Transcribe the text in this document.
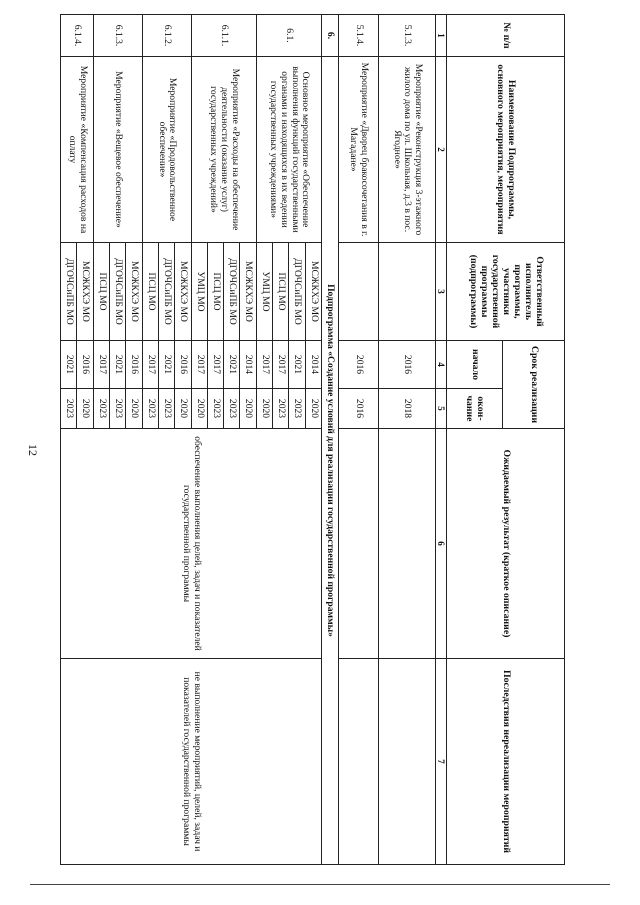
12
№ п/п	Наименование Подпрограммы, основного мероприятия, мероприятия	Ответственный исполнитель программы, участники государственной программы (подпрограммы)	Срок реализации		Ожидаемый результат (краткое описание)	Последствия нереализации мероприятий
			начало	окон-чание		
1	2	3	4	5	6	7
5.1.3.	Мероприятие «Реконструкция 3-этажного жилого дома по ул. Школьная, д.3 в пос. Ягодное»		2016	2018		
5.1.4.	Мероприятие «Дворец бракосочетания в г. Магадане»		2016	2016		
6.	Подпрограмма «Создание условий для реализации государственной программы»					
6.1.	Основное мероприятие «Обеспечение выполнения функций государственными органами и находящихся в их ведении государственных учреждениями»	МСЖКХЭ МО	2014	2020	обеспечение выполнения целей, задач и показателей государственной программы	не выполнение мероприятий, целей, задач и показателей государственной программы
		ДГОЧСиПБ МО	2021	2023		
		ПСЦ МО	2017	2023		
		УМЦ МО	2017	2020		
6.1.1.	Мероприятие «Расходы на обеспечение деятельности (оказание услуг) государственных учреждений»	МСЖКХЭ МО	2014	2020		
		ДГОЧСиПБ МО	2021	2023		
		ПСЦ МО	2017	2023		
		УМЦ МО	2017	2020		
6.1.2.	Мероприятие «Продовольственное обеспечение»	МСЖКХЭ МО	2016	2020		
		ДГОЧСиПБ МО	2021	2023		
		ПСЦ МО	2017	2023		
6.1.3.	Мероприятие «Вещевое обеспечение»	МСЖКХЭ МО	2016	2020		
		ДГОЧСиПБ МО	2021	2023		
		ПСЦ МО	2017	2023		
6.1.4.	Мероприятие «Компенсация расходов на оплату	МСЖКХЭ МО	2016	2020		
		ДГОЧСиПБ МО	2021	2023		
